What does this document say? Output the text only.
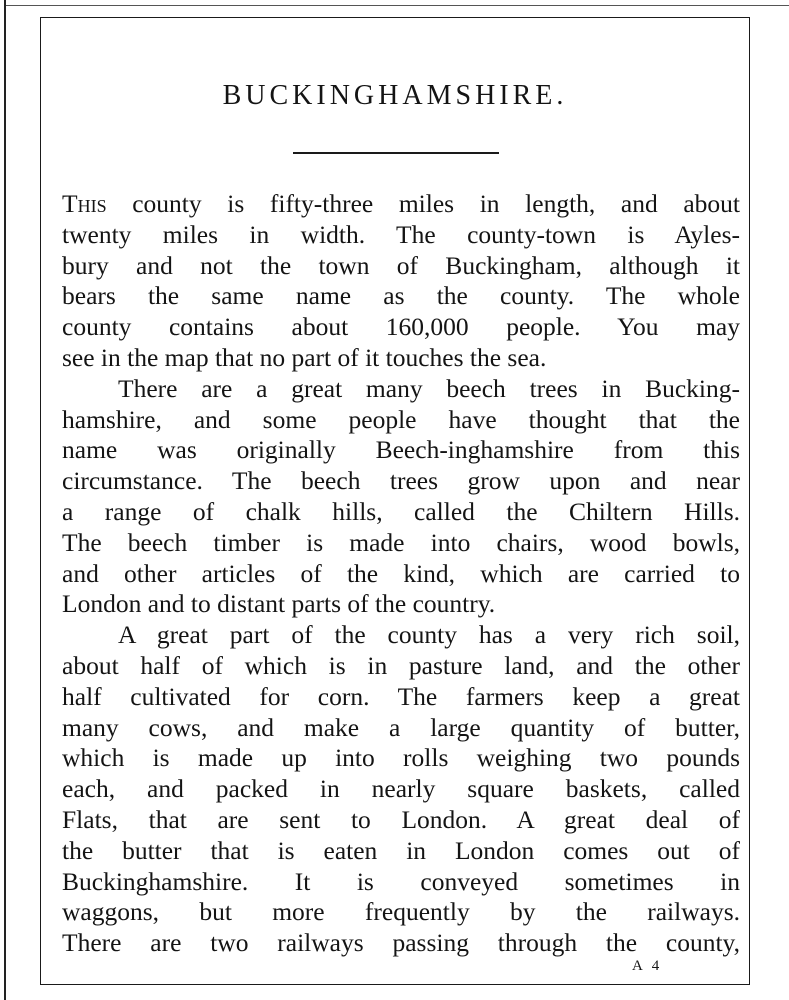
BUCKINGHAMSHIRE.
This county is fifty-three miles in length, and about
twenty miles in width. The county-town is Ayles-
bury and not the town of Buckingham, although it
bears the same name as the county. The whole
county contains about 160,000 people. You may
see in the map that no part of it touches the sea.
There are a great many beech trees in Bucking-
hamshire, and some people have thought that the
name was originally Beech-inghamshire from this
circumstance. The beech trees grow upon and near
a range of chalk hills, called the Chiltern Hills.
The beech timber is made into chairs, wood bowls,
and other articles of the kind, which are carried to
London and to distant parts of the country.
A great part of the county has a very rich soil,
about half of which is in pasture land, and the other
half cultivated for corn. The farmers keep a great
many cows, and make a large quantity of butter,
which is made up into rolls weighing two pounds
each, and packed in nearly square baskets, called
Flats, that are sent to London. A great deal of
the butter that is eaten in London comes out of
Buckinghamshire. It is conveyed sometimes in
waggons, but more frequently by the railways.
There are two railways passing through the county,
A 4
